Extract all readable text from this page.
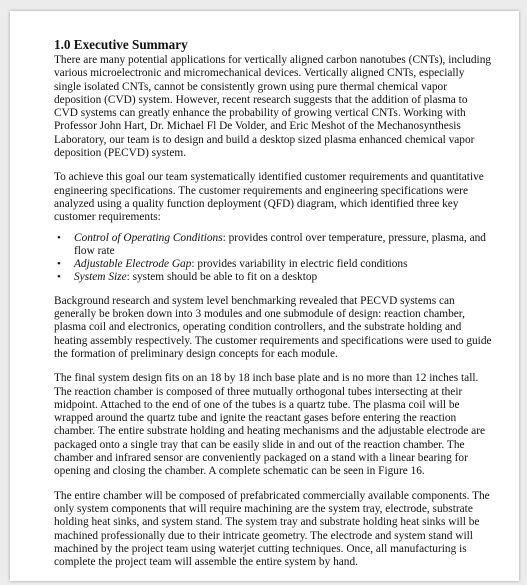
1.0 Executive Summary

There are many potential applications for vertically aligned carbon nanotubes (CNTs), including various microelectronic and micromechanical devices. Vertically aligned CNTs, especially single isolated CNTs, cannot be consistently grown using pure thermal chemical vapor deposition (CVD) system. However, recent research suggests that the addition of plasma to CVD systems can greatly enhance the probability of growing vertical CNTs. Working with Professor John Hart, Dr. Michael Fl De Volder, and Eric Meshot of the Mechanosynthesis Laboratory, our team is to design and build a desktop sized plasma enhanced chemical vapor deposition (PECVD) system.

To achieve this goal our team systematically identified customer requirements and quantitative engineering specifications. The customer requirements and engineering specifications were analyzed using a quality function deployment (QFD) diagram, which identified three key customer requirements:

• Control of Operating Conditions: provides control over temperature, pressure, plasma, and flow rate
• Adjustable Electrode Gap: provides variability in electric field conditions
• System Size: system should be able to fit on a desktop

Background research and system level benchmarking revealed that PECVD systems can generally be broken down into 3 modules and one submodule of design: reaction chamber, plasma coil and electronics, operating condition controllers, and the substrate holding and heating assembly respectively. The customer requirements and specifications were used to guide the formation of preliminary design concepts for each module.

The final system design fits on an 18 by 18 inch base plate and is no more than 12 inches tall. The reaction chamber is composed of three mutually orthogonal tubes intersecting at their midpoint. Attached to the end of one of the tubes is a quartz tube. The plasma coil will be wrapped around the quartz tube and ignite the reactant gases before entering the reaction chamber. The entire substrate holding and heating mechanisms and the adjustable electrode are packaged onto a single tray that can be easily slide in and out of the reaction chamber. The chamber and infrared sensor are conveniently packaged on a stand with a linear bearing for opening and closing the chamber. A complete schematic can be seen in Figure 16.

The entire chamber will be composed of prefabricated commercially available components. The only system components that will require machining are the system tray, electrode, substrate holding heat sinks, and system stand. The system tray and substrate holding heat sinks will be machined professionally due to their intricate geometry. The electrode and system stand will machined by the project team using waterjet cutting techniques. Once, all manufacturing is complete the project team will assemble the entire system by hand.
